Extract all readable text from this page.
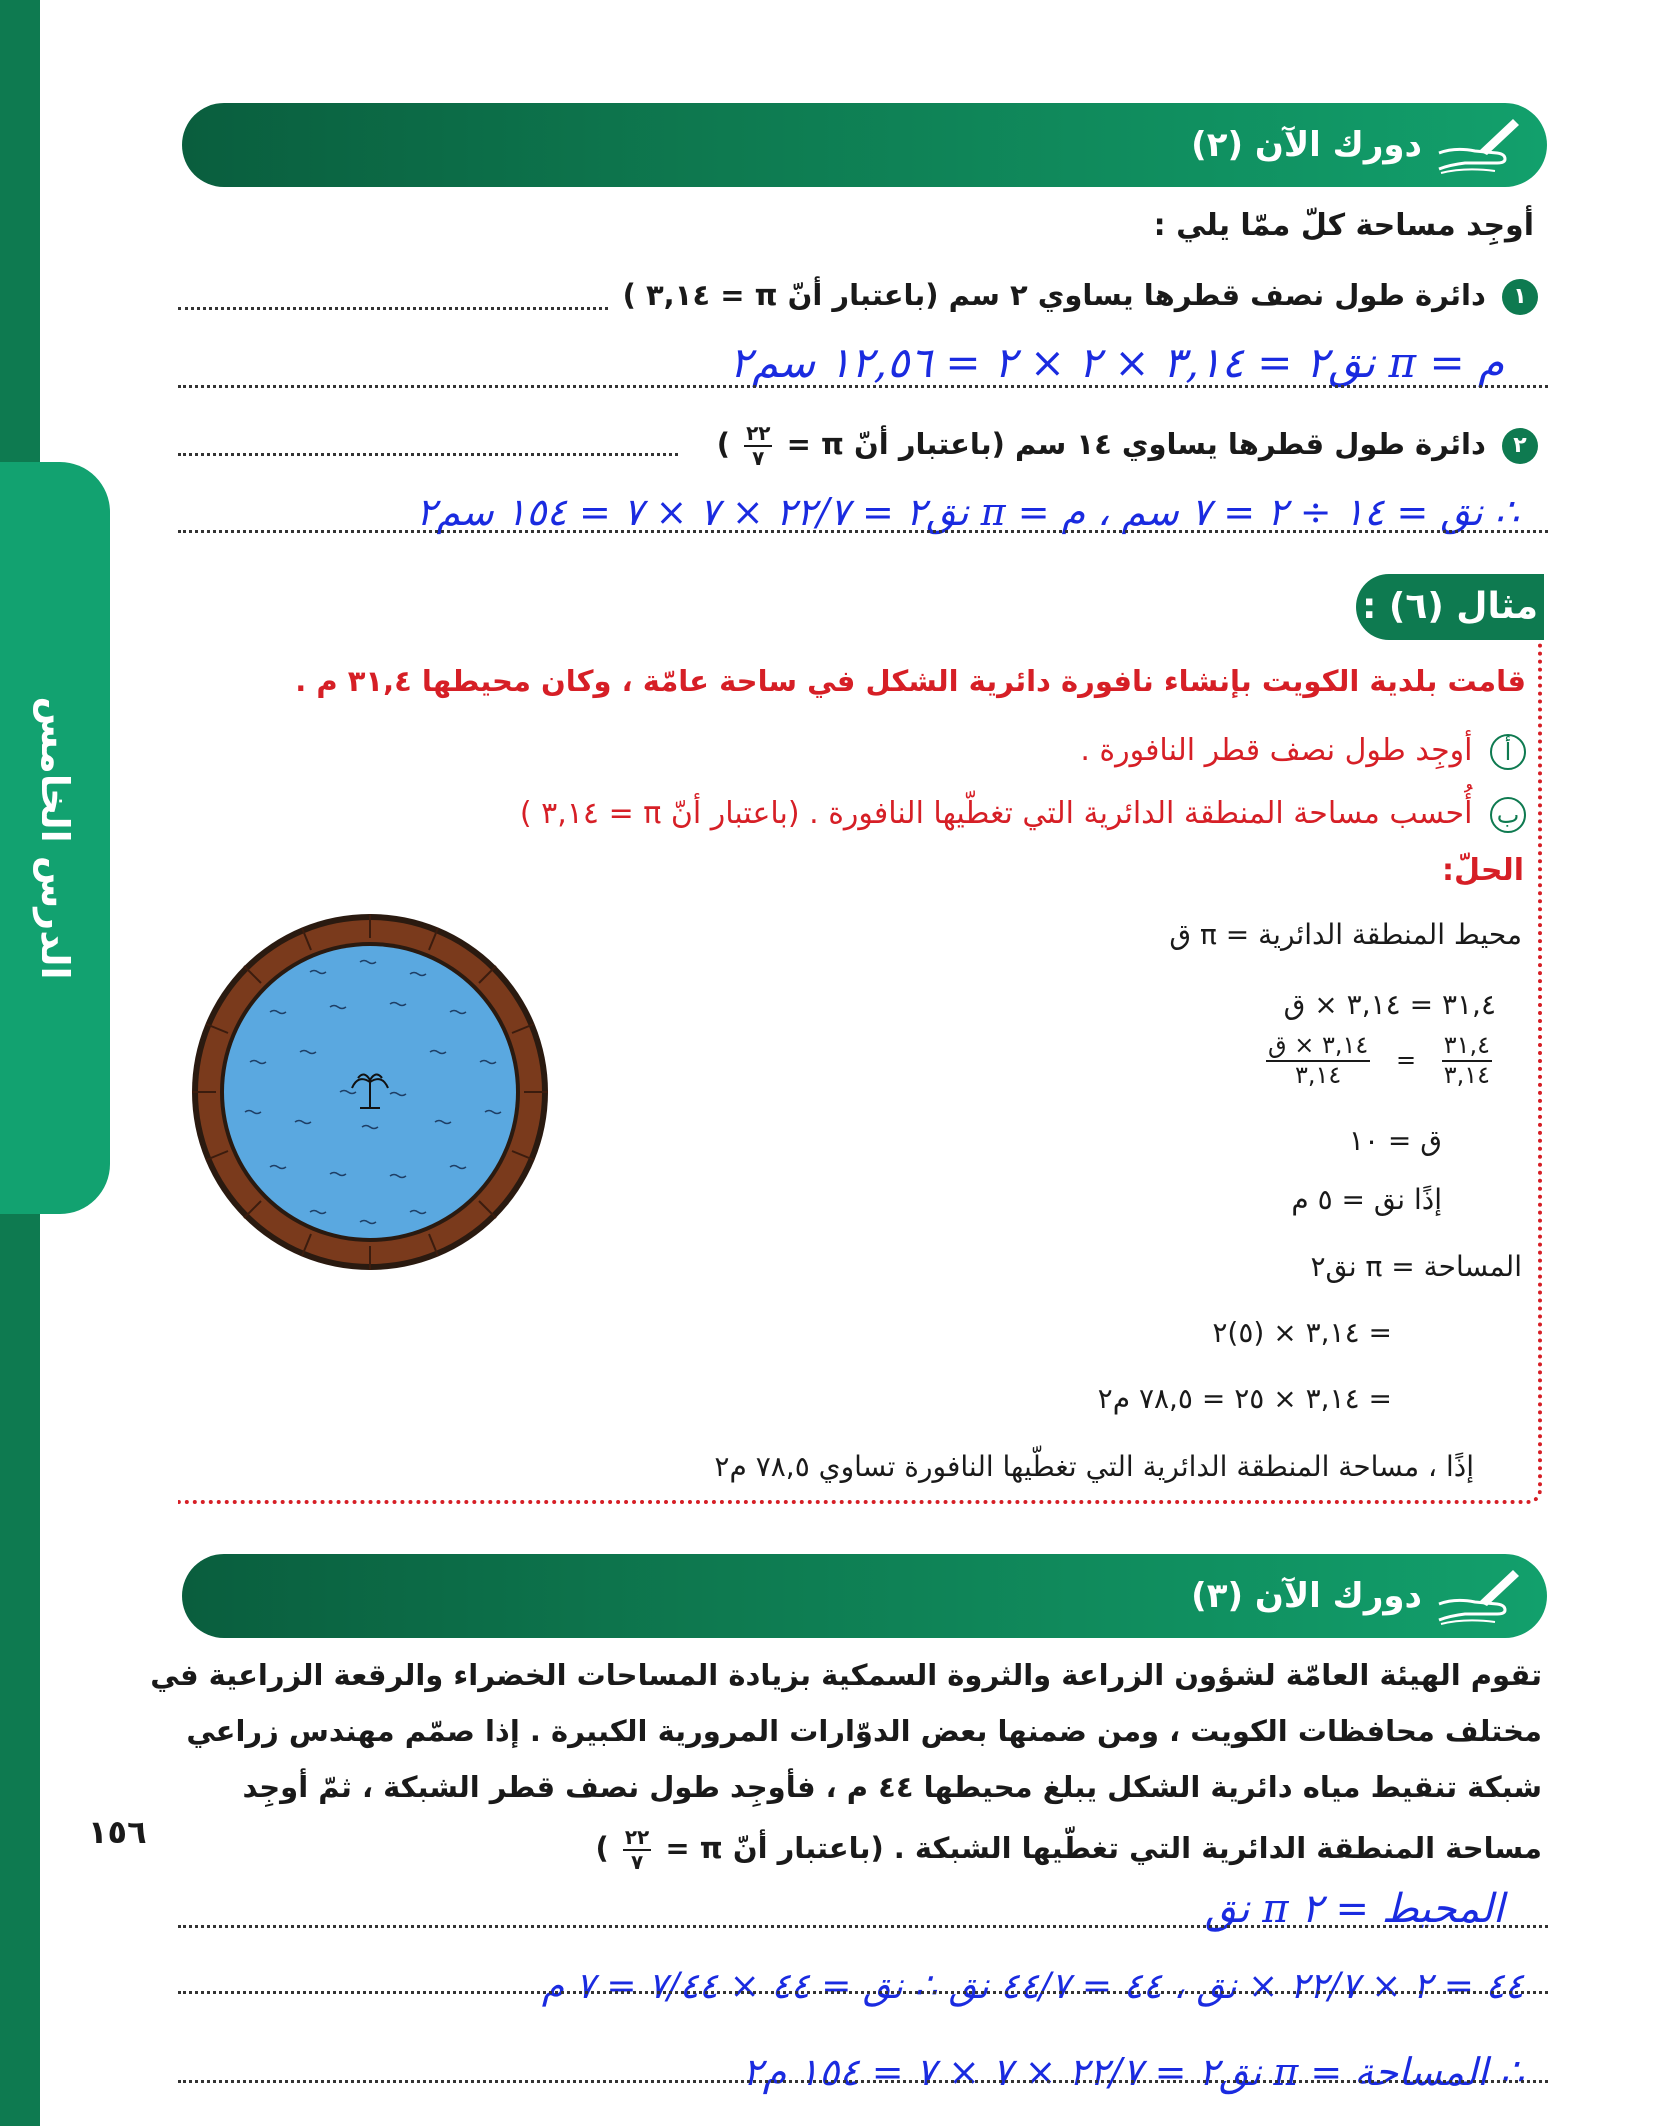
الدرس الخامس
دورك الآن (٢)
أوجِد مساحة كلّ ممّا يلي :
١ دائرة طول نصف قطرها يساوي ٢ سم (باعتبار أنّ π = ٣,١٤ )
م = π نق٢ = ٣,١٤ × ٢ × ٢ = ١٢,٥٦ سم٢
٢ دائرة طول قطرها يساوي ١٤ سم (باعتبار أنّ π =
$\frac{٢٢}{٧}$
)
∴ نق = ١٤ ÷ ٢ = ٧ سم ، م = π نق٢ = ٢٢/٧ × ٧ × ٧ = ١٥٤ سم٢
مثال (٦) :
قامت بلدية الكويت بإنشاء نافورة دائرية الشكل في ساحة عامّة ، وكان محيطها ٣١,٤ م .
أ أوجِد طول نصف قطر النافورة .
ب أُحسب مساحة المنطقة الدائرية التي تغطّيها النافورة . (باعتبار أنّ π = ٣,١٤ )
الحلّ:
محيط المنطقة الدائرية = π ق
٣١,٤ = ٣,١٤ × ق
$\frac{٣١,٤}{٣,١٤}$
=
$\frac{\text{٣,١٤ × ق}}{٣,١٤}$
ق = ١٠
إذًا نق = ٥ م
المساحة = π نق٢
= ٣,١٤ × (٥)٢
= ٣,١٤ × ٢٥ = ٧٨,٥ م٢
إذًا ، مساحة المنطقة الدائرية التي تغطّيها النافورة تساوي ٧٨,٥ م٢
دورك الآن (٣)
تقوم الهيئة العامّة لشؤون الزراعة والثروة السمكية بزيادة المساحات الخضراء والرقعة الزراعية في
مختلف محافظات الكويت ، ومن ضمنها بعض الدوّارات المرورية الكبيرة . إذا صمّم مهندس زراعي
شبكة تنقيط مياه دائرية الشكل يبلغ محيطها ٤٤ م ، فأوجِد طول نصف قطر الشبكة ، ثمّ أوجِد
مساحة المنطقة الدائرية التي تغطّيها الشبكة . (باعتبار أنّ π =
$\frac{٢٢}{٧}$
)
المحيط = ٢ π نق
٤٤ = ٢ × ٢٢/٧ × نق ، ٤٤ = ٤٤/٧ نق ∴ نق = ٤٤ × ٧/٤٤ = ٧ م
∴ المساحة = π نق٢ = ٢٢/٧ × ٧ × ٧ = ١٥٤ م٢
١٥٦
